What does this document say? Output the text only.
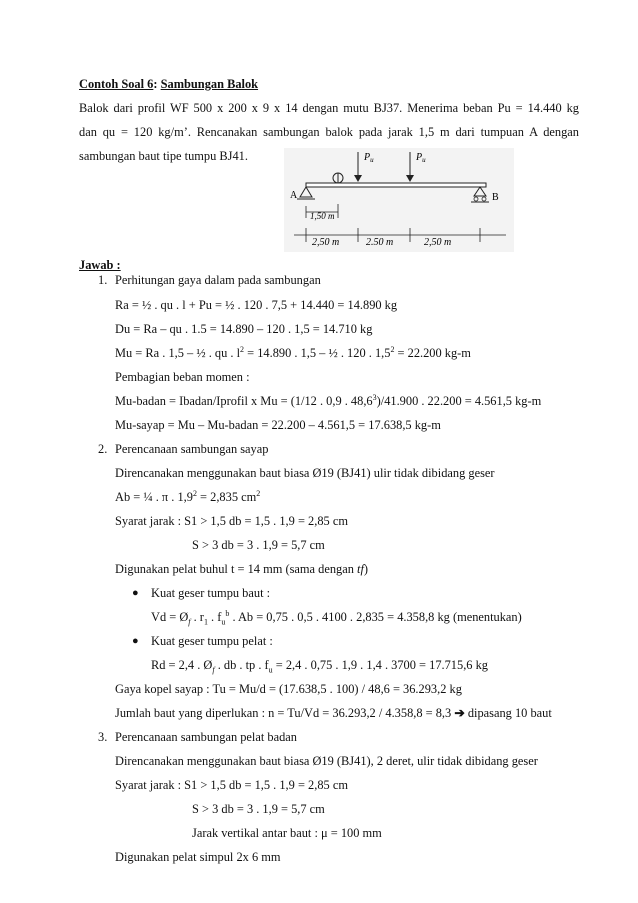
Contoh Soal 6: Sambungan Balok
Balok dari profil WF 500 x 200 x 9 x 14 dengan mutu BJ37. Menerima beban Pu = 14.440 kg
dan qu = 120 kg/m’. Rencanakan sambungan balok pada jarak 1,5 m dari tumpuan A dengan
sambungan baut tipe tumpu BJ41.	$P_u$	$P_u$
A	B
1,50 m
2,50 m	2.50 m	2,50 m
Jawab :
1. Perhitungan gaya dalam pada sambungan
Ra = ½ . qu . l + Pu = ½ . 120 . 7,5 + 14.440 = 14.890 kg
Du = Ra – qu . 1.5 = 14.890 – 120 . 1,5 = 14.710 kg
Mu = Ra . 1,5 – ½ . qu . $l^2 = 14.890$ . 1,5 – ½ . 120 . $1,5^2 = 22.200$ kg-m
Pembagian beban momen :
Mu-badan = Ibadan/Iprofil x Mu = (1/12 . 0,9 . 48,6$^3$)/41.900 . 22.200 = 4.561,5 kg-m
Mu-sayap = Mu – Mu-badan = 22.200 – 4.561,5 = 17.638,5 kg-m
2. Perencanaan sambungan sayap
Direncanakan menggunakan baut biasa Ø19 (BJ41) ulir tidak dibidang geser
Ab = ¼ . π . $1,9^2 = 2,835$ $cm^2$
Syarat jarak : S1 > 1,5 db = 1,5 . 1,9 = 2,85 cm
S > 3 db = 3 . 1,9 = 5,7 cm
Digunakan pelat buhul t = 14 mm (sama dengan tf)
● Kuat geser tumpu baut :
$Vd = Ø_f$ . $r_1$ . $f_u^b$ . Ab = 0,75 . 0,5 . 4100 . 2,835 = 4.358,8 kg (menentukan)
● Kuat geser tumpu pelat :
Rd = 2,4 . $Ø_f$ . db . tp . $f_u = 2,4$ . 0,75 . 1,9 . 1,4 . 3700 = 17.715,6 kg
Gaya kopel sayap : Tu = Mu/d = (17.638,5 . 100) / 48,6 = 36.293,2 kg
Jumlah baut yang diperlukan : n = Tu/Vd = 36.293,2 / 4.358,8 = 8,3 ➔ dipasang 10 baut
3. Perencanaan sambungan pelat badan
Direncanakan menggunakan baut biasa Ø19 (BJ41), 2 deret, ulir tidak dibidang geser
Syarat jarak : S1 > 1,5 db = 1,5 . 1,9 = 2,85 cm
S > 3 db = 3 . 1,9 = 5,7 cm
Jarak vertikal antar baut : μ = 100 mm
Digunakan pelat simpul 2x 6 mm
